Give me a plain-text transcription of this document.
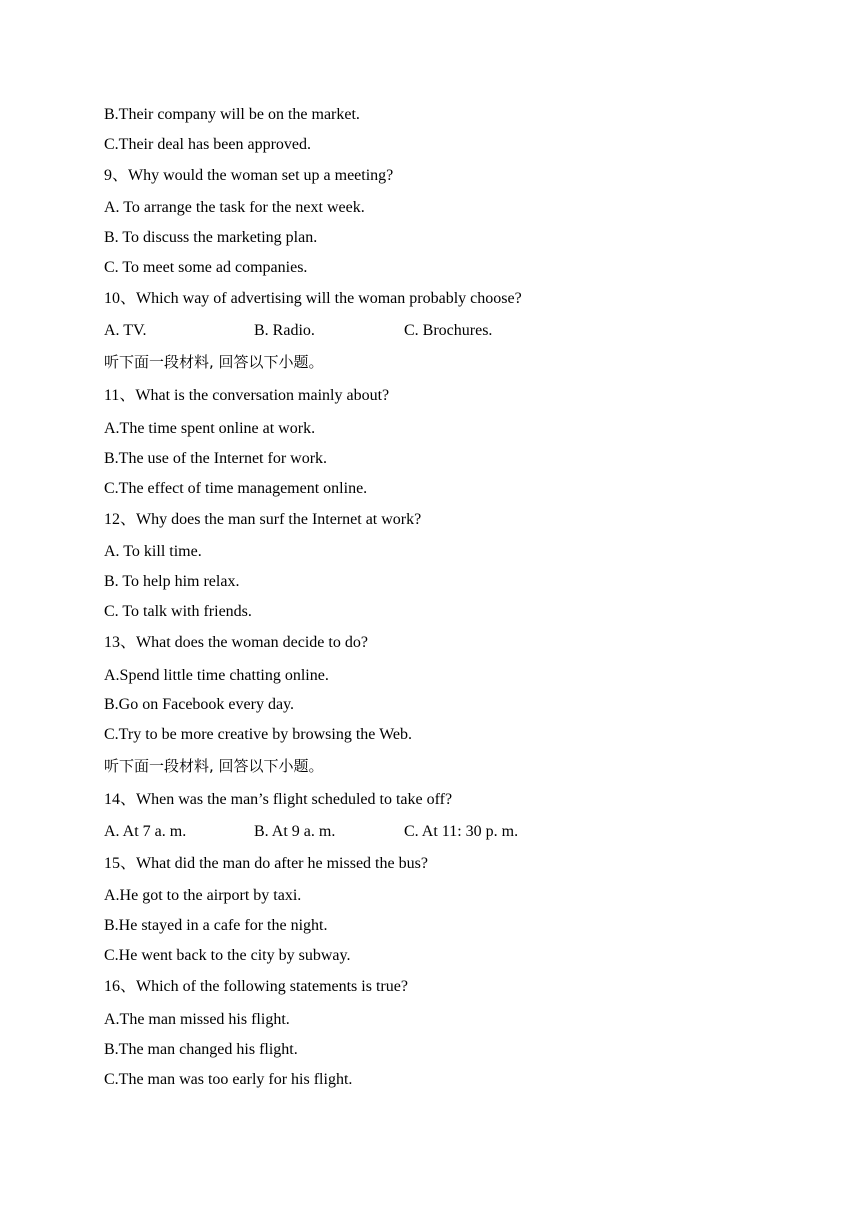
B.Their company will be on the market.
C.Their deal has been approved.
9、Why would the woman set up a meeting?
A. To arrange the task for the next week.
B. To discuss the marketing plan.
C. To meet some ad companies.
10、Which way of advertising will the woman probably choose?
A. TV.	B. Radio.	C. Brochures.
听下面一段材料, 回答以下小题。
11、What is the conversation mainly about?
A.The time spent online at work.
B.The use of the Internet for work.
C.The effect of time management online.
12、Why does the man surf the Internet at work?
A. To kill time.
B. To help him relax.
C. To talk with friends.
13、What does the woman decide to do?
A.Spend little time chatting online.
B.Go on Facebook every day.
C.Try to be more creative by browsing the Web.
听下面一段材料, 回答以下小题。
14、When was the man’s flight scheduled to take off?
A. At 7 a. m.	B. At 9 a. m.	C. At 11: 30 p. m.
15、What did the man do after he missed the bus?
A.He got to the airport by taxi.
B.He stayed in a cafe for the night.
C.He went back to the city by subway.
16、Which of the following statements is true?
A.The man missed his flight.
B.The man changed his flight.
C.The man was too early for his flight.
